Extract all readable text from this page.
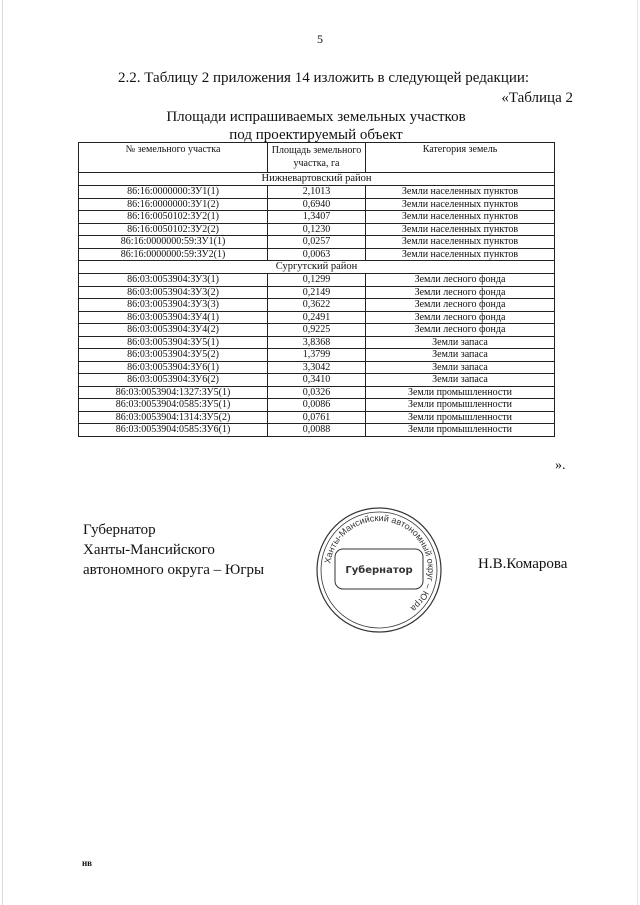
5
2.2. Таблицу 2 приложения 14 изложить в следующей редакции:
«Таблица 2
Площади испрашиваемых земельных участков
под проектируемый объект
№ земельного участка	Площадь земельного участка, га	Категория земель
Нижневартовский район		
86:16:0000000:ЗУ1(1)	2,1013	Земли населенных пунктов
86:16:0000000:ЗУ1(2)	0,6940	Земли населенных пунктов
86:16:0050102:ЗУ2(1)	1,3407	Земли населенных пунктов
86:16:0050102:ЗУ2(2)	0,1230	Земли населенных пунктов
86:16:0000000:59:ЗУ1(1)	0,0257	Земли населенных пунктов
86:16:0000000:59:ЗУ2(1)	0,0063	Земли населенных пунктов
Сургутский район		
86:03:0053904:ЗУ3(1)	0,1299	Земли лесного фонда
86:03:0053904:ЗУ3(2)	0,2149	Земли лесного фонда
86:03:0053904:ЗУ3(3)	0,3622	Земли лесного фонда
86:03:0053904:ЗУ4(1)	0,2491	Земли лесного фонда
86:03:0053904:ЗУ4(2)	0,9225	Земли лесного фонда
86:03:0053904:ЗУ5(1)	3,8368	Земли запаса
86:03:0053904:ЗУ5(2)	1,3799	Земли запаса
86:03:0053904:ЗУ6(1)	3,3042	Земли запаса
86:03:0053904:ЗУ6(2)	0,3410	Земли запаса
86:03:0053904:1327:ЗУ5(1)	0,0326	Земли промышленности
86:03:0053904:0585:ЗУ5(1)	0,0086	Земли промышленности
86:03:0053904:1314:ЗУ5(2)	0,0761	Земли промышленности
86:03:0053904:0585:ЗУ6(1)	0,0088	Земли промышленности
».
Губернатор
Ханты-Мансийского
автономного округа – Югры
Ханты-Мансийский автономный округ – Югра
Губернатор	Н.В.Комарова
нв
